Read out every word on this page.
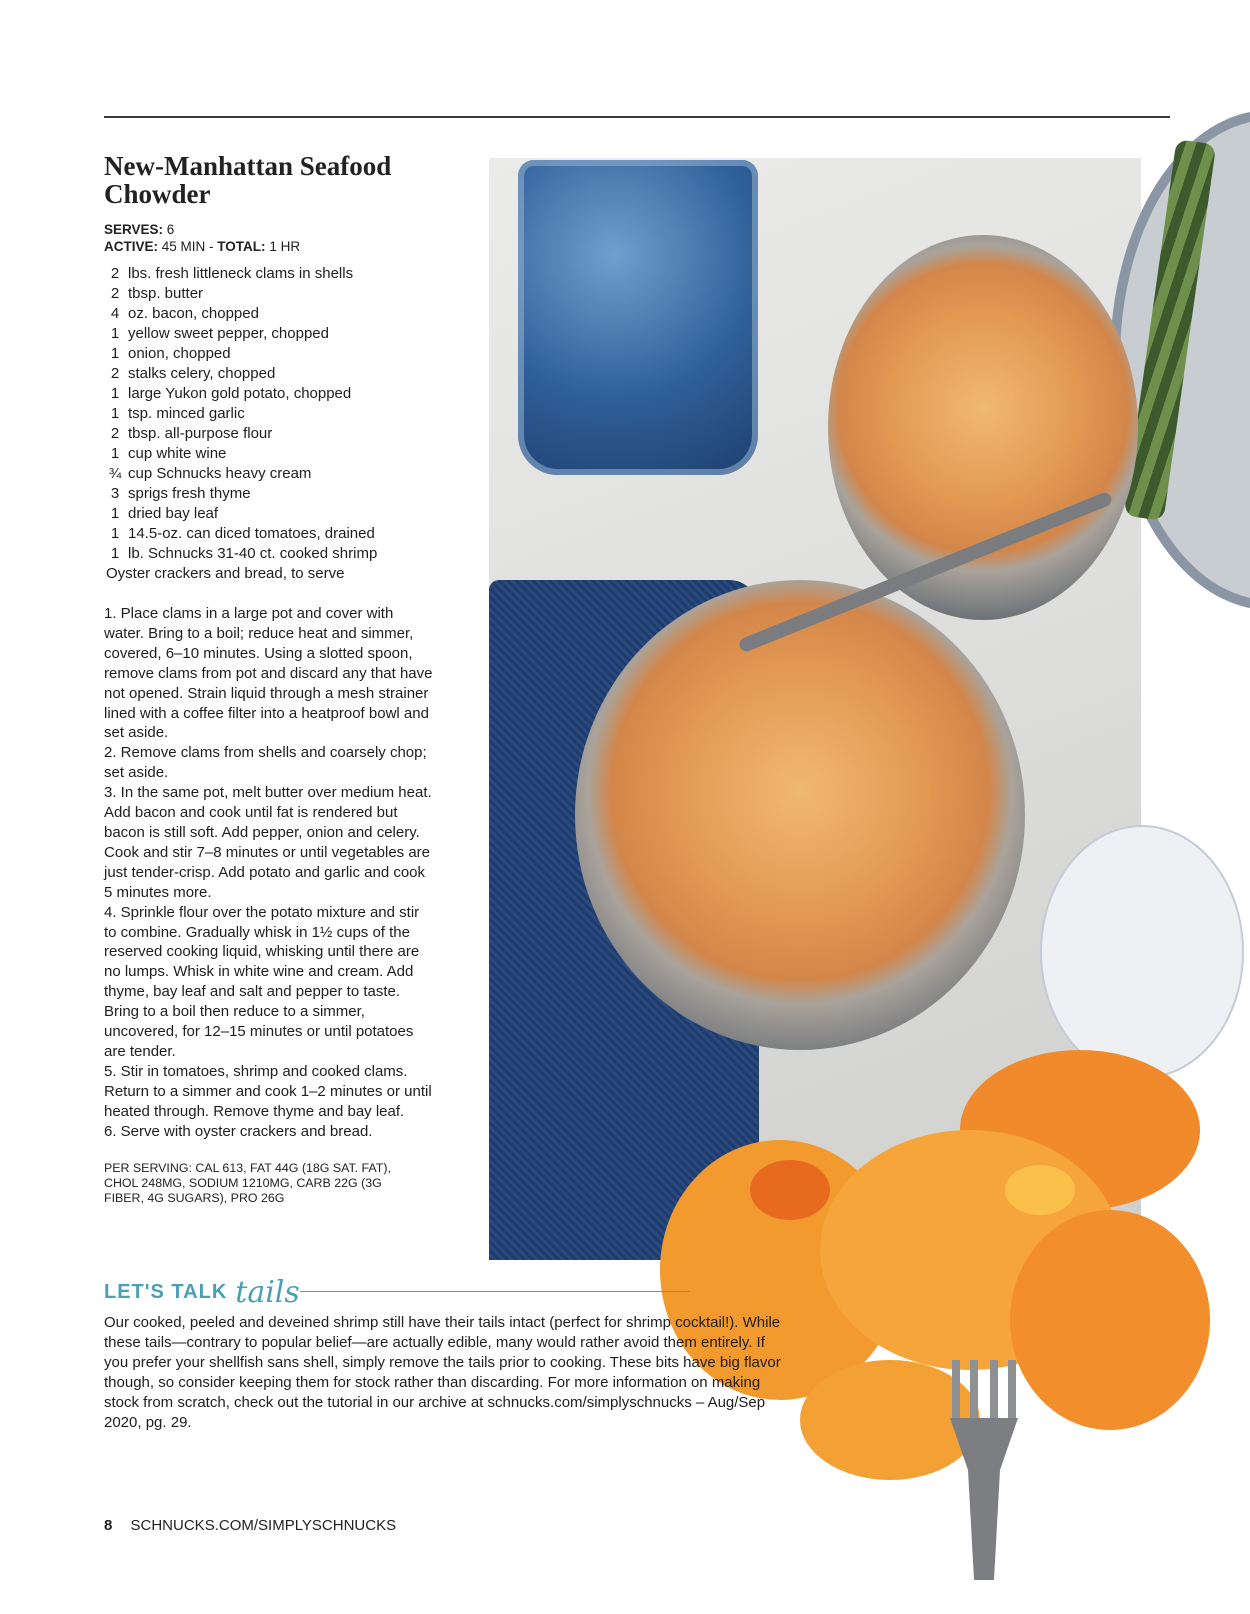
New-Manhattan Seafood Chowder
SERVES: 6
ACTIVE: 45 MIN - TOTAL: 1 HR
2 lbs. fresh littleneck clams in shells
2 tbsp. butter
4 oz. bacon, chopped
1 yellow sweet pepper, chopped
1 onion, chopped
2 stalks celery, chopped
1 large Yukon gold potato, chopped
1 tsp. minced garlic
2 tbsp. all-purpose flour
1 cup white wine
¾ cup Schnucks heavy cream
3 sprigs fresh thyme
1 dried bay leaf
1 14.5-oz. can diced tomatoes, drained
1 lb. Schnucks 31-40 ct. cooked shrimp
Oyster crackers and bread, to serve
1. Place clams in a large pot and cover with water. Bring to a boil; reduce heat and simmer, covered, 6–10 minutes. Using a slotted spoon, remove clams from pot and discard any that have not opened. Strain liquid through a mesh strainer lined with a coffee filter into a heatproof bowl and set aside.
2. Remove clams from shells and coarsely chop; set aside.
3. In the same pot, melt butter over medium heat. Add bacon and cook until fat is rendered but bacon is still soft. Add pepper, onion and celery. Cook and stir 7–8 minutes or until vegetables are just tender-crisp. Add potato and garlic and cook 5 minutes more.
4. Sprinkle flour over the potato mixture and stir to combine. Gradually whisk in 1½ cups of the reserved cooking liquid, whisking until there are no lumps. Whisk in white wine and cream. Add thyme, bay leaf and salt and pepper to taste. Bring to a boil then reduce to a simmer, uncovered, for 12–15 minutes or until potatoes are tender.
5. Stir in tomatoes, shrimp and cooked clams. Return to a simmer and cook 1–2 minutes or until heated through. Remove thyme and bay leaf.
6. Serve with oyster crackers and bread.

PER SERVING: CAL 613, FAT 44G (18G SAT. FAT), CHOL 248MG, SODIUM 1210MG, CARB 22G (3G FIBER, 4G SUGARS), PRO 26G

LET'S TALK tails

Our cooked, peeled and deveined shrimp still have their tails intact (perfect for shrimp cocktail!). While these tails—contrary to popular belief—are actually edible, many would rather avoid them entirely. If you prefer your shellfish sans shell, simply remove the tails prior to cooking. These bits have big flavor though, so consider keeping them for stock rather than discarding. For more information on making stock from scratch, check out the tutorial in our archive at schnucks.com/simplyschnucks – Aug/Sep 2020, pg. 29.

8 SCHNUCKS.COM/SIMPLYSCHNUCKS
